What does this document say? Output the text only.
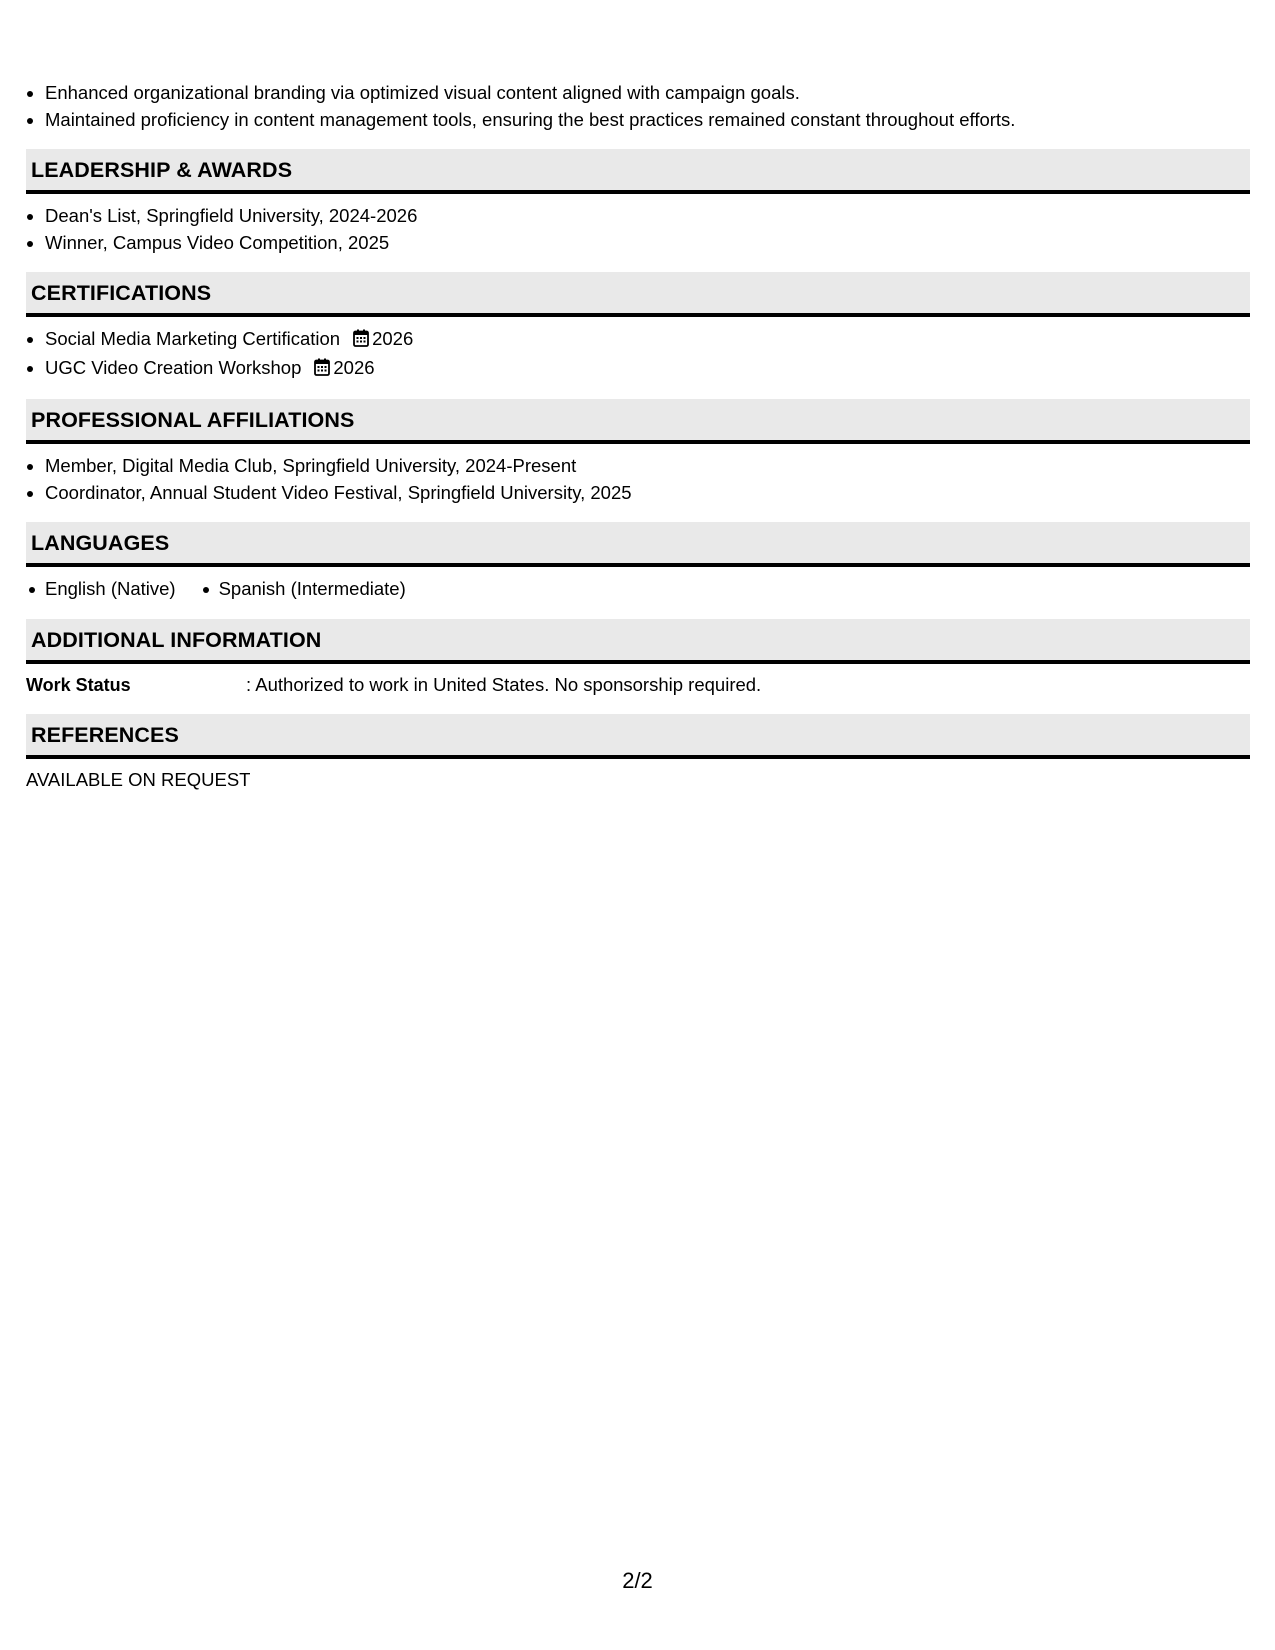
• Enhanced organizational branding via optimized visual content aligned with campaign goals.
• Maintained proficiency in content management tools, ensuring the best practices remained constant throughout efforts.
LEADERSHIP & AWARDS
• Dean's List, Springfield University, 2024-2026
• Winner, Campus Video Competition, 2025
CERTIFICATIONS
• Social Media Marketing Certification 2026
• UGC Video Creation Workshop 2026
PROFESSIONAL AFFILIATIONS
• Member, Digital Media Club, Springfield University, 2024-Present
• Coordinator, Annual Student Video Festival, Springfield University, 2025
LANGUAGES
English (Native)	Spanish (Intermediate)
ADDITIONAL INFORMATION
Work Status	: Authorized to work in United States. No sponsorship required.
REFERENCES
AVAILABLE ON REQUEST
2/2
